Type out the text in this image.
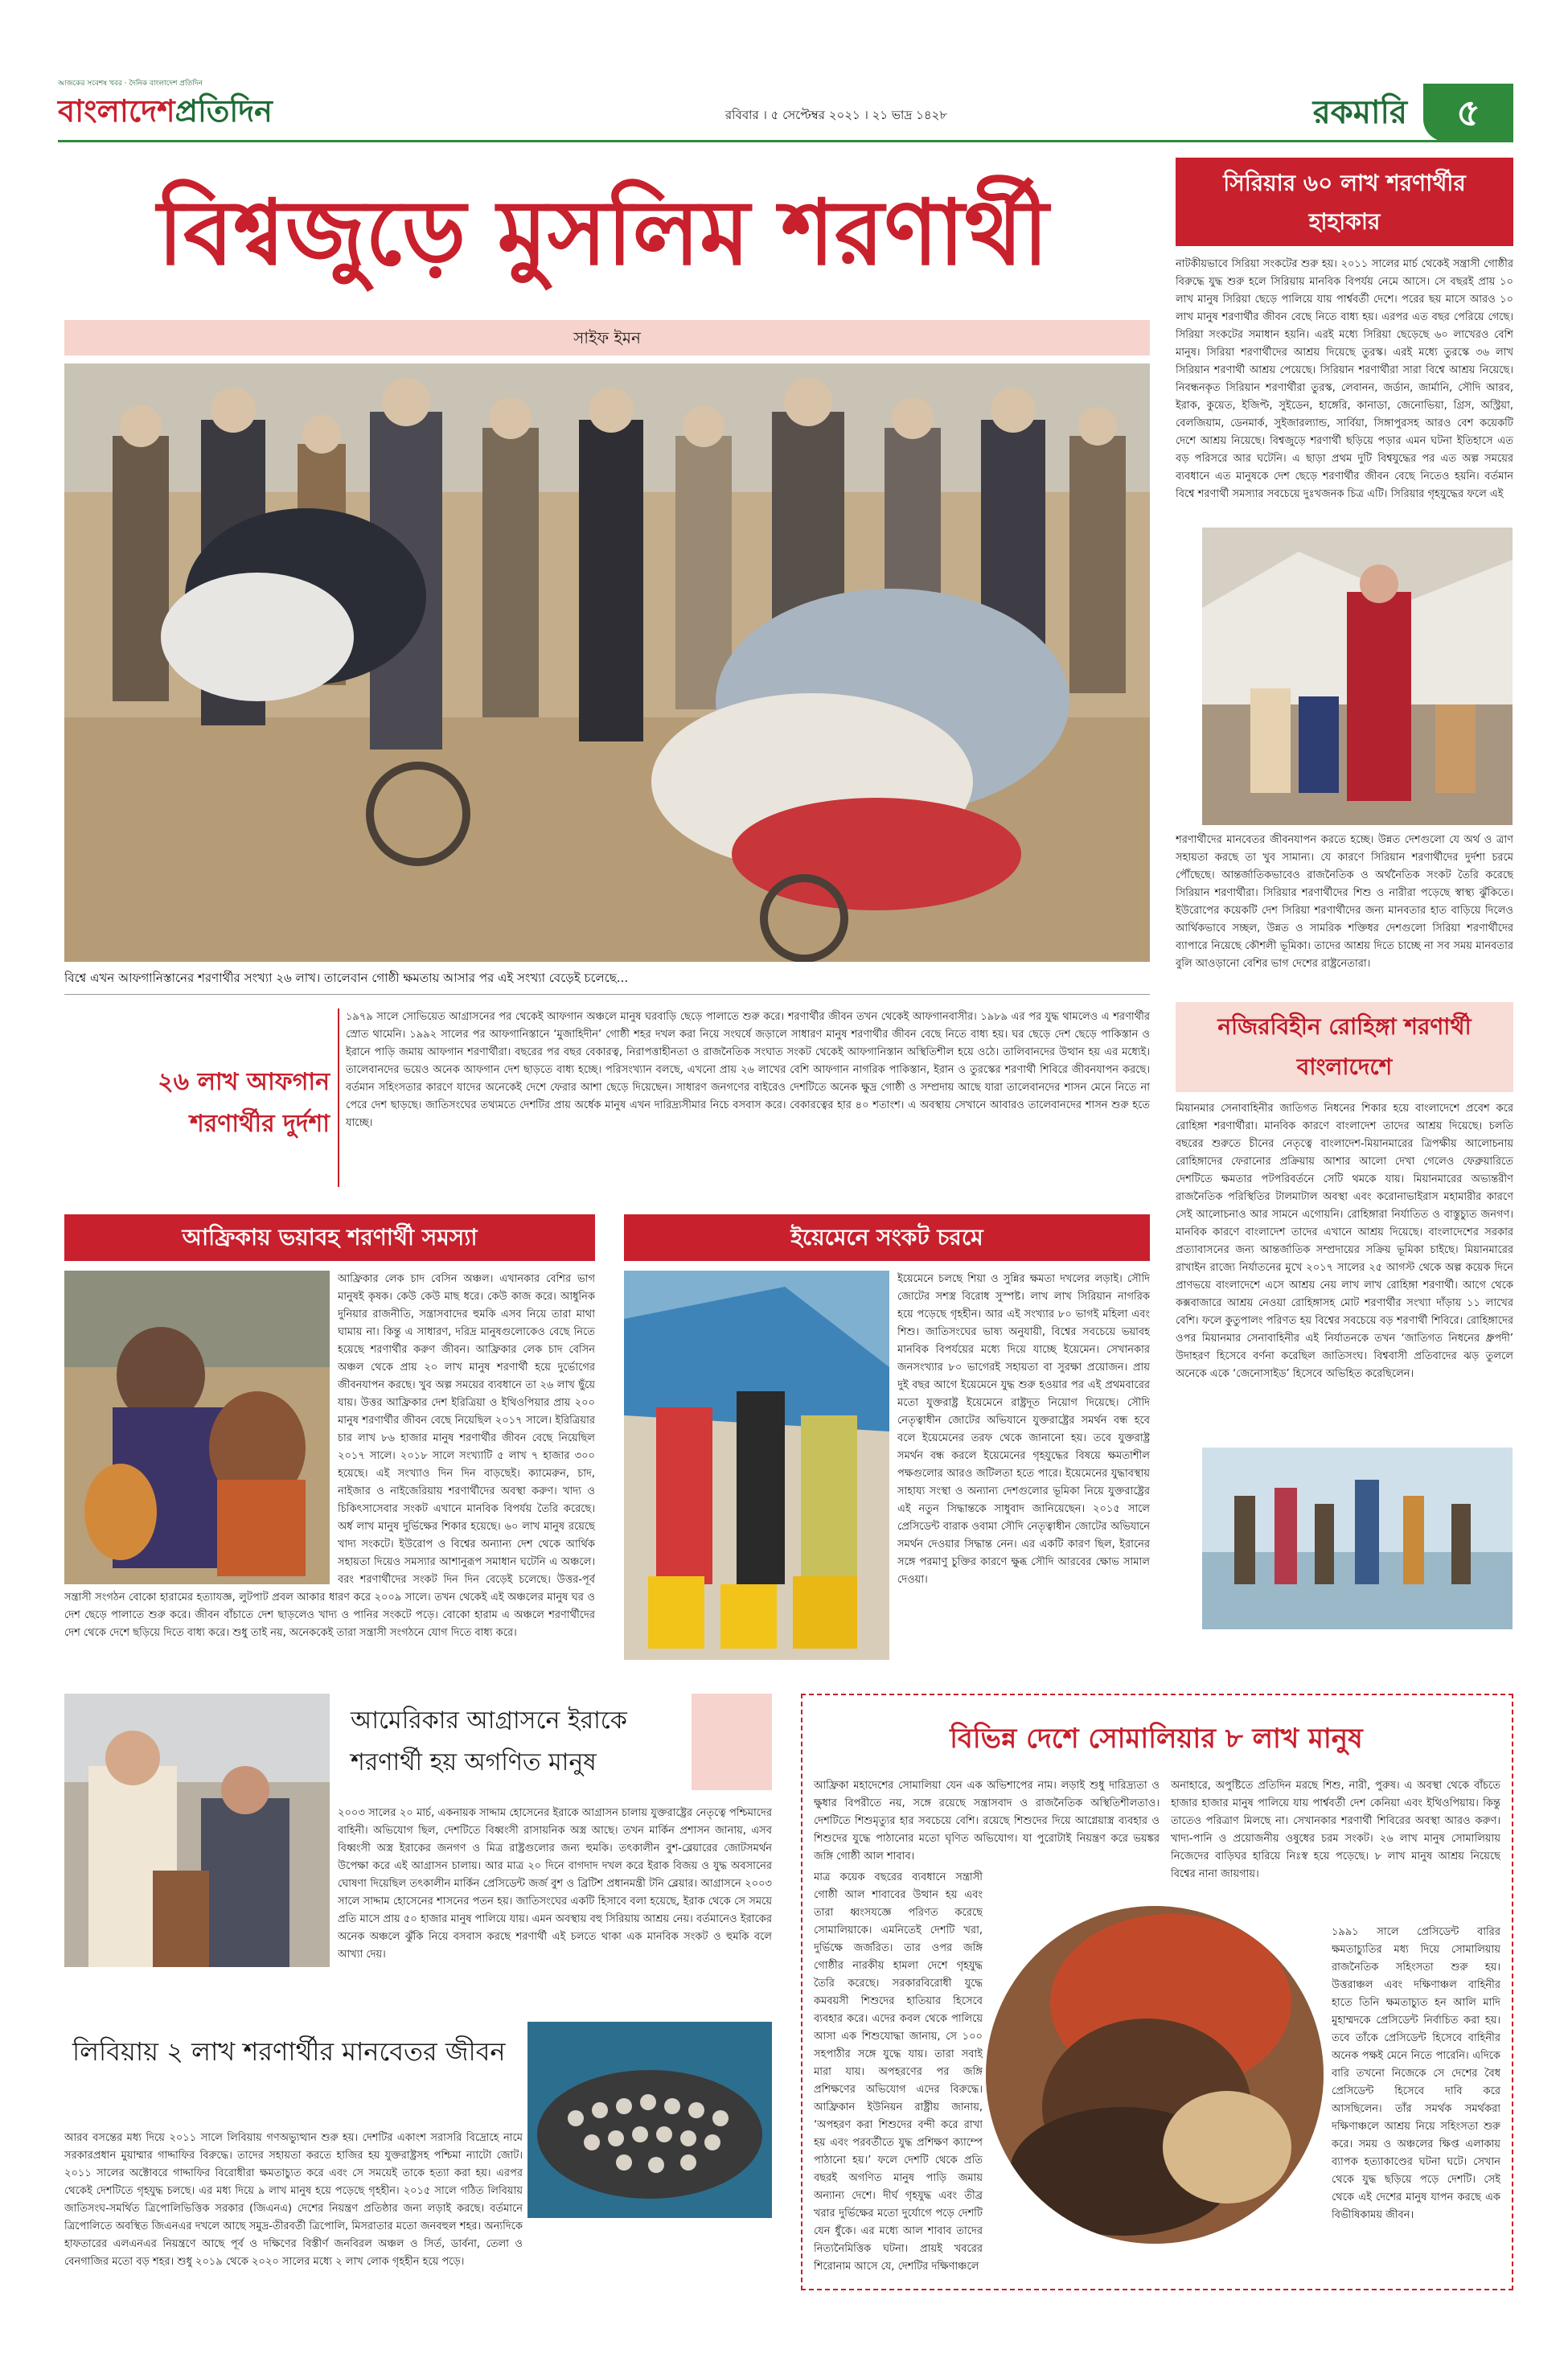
আজকের সবেশষ খবর · দৈনিক বাংলাদেশ প্রতিদিন
বাংলাদেশপ্রতিদিন	রবিবার । ৫ সেপ্টেম্বর ২০২১ । ২১ ভাদ্র ১৪২৮	রকমারি	৫
বিশ্বজুড়ে মুসলিম শরণার্থী
সাইফ ইমন
বিশ্বে এখন আফগানিস্তানের শরণার্থীর সংখ্যা ২৬ লাখ। তালেবান গোষ্ঠী ক্ষমতায় আসার পর এই সংখ্যা বেড়েই চলেছে...
২৬ লাখ আফগান শরণার্থীর দুর্দশা
১৯৭৯ সালে সোভিয়েত আগ্রাসনের পর থেকেই আফগান অঞ্চলে মানুষ ঘরবাড়ি ছেড়ে পালাতে শুরু করে। শরণার্থীর জীবন তখন থেকেই আফগানবাসীর। ১৯৮৯ এর পর যুদ্ধ থামলেও এ শরণার্থীর স্রোত থামেনি। ১৯৯২ সালের পর আফগানিস্তানে ‘মুজাহিদীন’ গোষ্ঠী শহর দখল করা নিয়ে সংঘর্ষে জড়ালে সাধারণ মানুষ শরণার্থীর জীবন বেছে নিতে বাধ্য হয়। ঘর ছেড়ে দেশ ছেড়ে পাকিস্তান ও ইরানে পাড়ি জমায় আফগান শরণার্থীরা। বছরের পর বছর বেকারত্ব, নিরাপত্তাহীনতা ও রাজনৈতিক সংঘাত সংকট থেকেই আফগানিস্তান অস্থিতিশীল হয়ে ওঠে। তালিবানদের উত্থান হয় এর মধ্যেই। তালেবানদের ভয়েও অনেক আফগান দেশ ছাড়তে বাধ্য হচ্ছে। পরিসংখ্যান বলছে, এখনো প্রায় ২৬ লাখের বেশি আফগান নাগরিক পাকিস্তান, ইরান ও তুরস্কের শরণার্থী শিবিরে জীবনযাপন করছে। বর্তমান সহিংসতার কারণে যাদের অনেকেই দেশে ফেরার আশা ছেড়ে দিয়েছেন। সাধারণ জনগণের বাইরেও দেশটিতে অনেক ক্ষুদ্র গোষ্ঠী ও সম্প্রদায় আছে যারা তালেবানদের শাসন মেনে নিতে না পেরে দেশ ছাড়ছে। জাতিসংঘের তথ্যমতে দেশটির প্রায় অর্ধেক মানুষ এখন দারিদ্র্যসীমার নিচে বসবাস করে। বেকারত্বের হার ৪০ শতাংশ। এ অবস্থায় সেখানে আবারও তালেবানদের শাসন শুরু হতে যাচ্ছে।
আফ্রিকায় ভয়াবহ শরণার্থী সমস্যা
আফ্রিকার লেক চাদ বেসিন অঞ্চল। এখানকার বেশির ভাগ মানুষই কৃষক। কেউ কেউ মাছ ধরে। কেউ কাজ করে। আধুনিক দুনিয়ার রাজনীতি, সন্ত্রাসবাদের হুমকি এসব নিয়ে তারা মাথা ঘামায় না। কিন্তু এ সাধারণ, দরিদ্র মানুষগুলোকেও বেছে নিতে হয়েছে শরণার্থীর করুণ জীবন। আফ্রিকার লেক চাদ বেসিন অঞ্চল থেকে প্রায় ২০ লাখ মানুষ শরণার্থী হয়ে দুর্ভোগের জীবনযাপন করছে। খুব অল্প সময়ের ব্যবধানে তা ২৬ লাখ ছুঁয়ে যায়। উত্তর আফ্রিকার দেশ ইরিত্রিয়া ও ইথিওপিয়ার প্রায় ২০০ মানুষ শরণার্থীর জীবন বেছে নিয়েছিল ২০১৭ সালে। ইরিত্রিয়ার চার লাখ ৮৬ হাজার মানুষ শরণার্থীর জীবন বেছে নিয়েছিল ২০১৭ সালে। ২০১৮ সালে সংখ্যাটি ৫ লাখ ৭ হাজার ৩০০ হয়েছে। এই সংখ্যাও দিন দিন বাড়ছেই। ক্যামেরুন, চাদ, নাইজার ও নাইজেরিয়ায় শরণার্থীদের অবস্থা করুণ। খাদ্য ও চিকিৎসাসেবার সংকট এখানে মানবিক বিপর্যয় তৈরি করেছে। অর্ধ লাখ মানুষ দুর্ভিক্ষের শিকার হয়েছে। ৬০ লাখ মানুষ রয়েছে খাদ্য সংকটে। ইউরোপ ও বিশ্বের অন্যান্য দেশ থেকে আর্থিক সহায়তা দিয়েও সমস্যার আশানুরূপ সমাধান ঘটেনি এ অঞ্চলে। বরং শরণার্থীদের সংকট দিন দিন বেড়েই চলেছে। উত্তর-পূর্ব
সন্ত্রাসী সংগঠন বোকো হারামের হত্যাযজ্ঞ, লুটপাট প্রবল আকার ধারণ করে ২০০৯ সালে। তখন থেকেই এই অঞ্চলের মানুষ ঘর ও দেশ ছেড়ে পালাতে শুরু করে। জীবন বাঁচাতে দেশ ছাড়লেও খাদ্য ও পানির সংকটে পড়ে। বোকো হারাম এ অঞ্চলে শরণার্থীদের দেশ থেকে দেশে ছড়িয়ে দিতে বাধ্য করে। শুধু তাই নয়, অনেককেই তারা সন্ত্রাসী সংগঠনে যোগ দিতে বাধ্য করে।
ইয়েমেনে সংকট চরমে
ইয়েমেনে চলছে শিয়া ও সুন্নির ক্ষমতা দখলের লড়াই। সৌদি জোটের সশস্ত্র বিরোধ সুস্পষ্ট। লাখ লাখ সিরিয়ান নাগরিক হয়ে পড়েছে গৃহহীন। আর এই সংখ্যার ৮০ ভাগই মহিলা এবং শিশু। জাতিসংঘের ভাষ্য অনুযায়ী, বিশ্বের সবচেয়ে ভয়াবহ মানবিক বিপর্যয়ের মধ্যে দিয়ে যাচ্ছে ইয়েমেন। সেখানকার জনসংখ্যার ৮০ ভাগেরই সহায়তা বা সুরক্ষা প্রয়োজন। প্রায় দুই বছর আগে ইয়েমেনে যুদ্ধ শুরু হওয়ার পর এই প্রথমবারের মতো যুক্তরাষ্ট্র ইয়েমেনে রাষ্ট্রদূত নিয়োগ দিয়েছে। সৌদি নেতৃত্বাধীন জোটের অভিযানে যুক্তরাষ্ট্রের সমর্থন বন্ধ হবে বলে ইয়েমেনের তরফ থেকে জানানো হয়। তবে যুক্তরাষ্ট্র সমর্থন বন্ধ করলে ইয়েমেনের গৃহযুদ্ধের বিষয়ে ক্ষমতাশীল পক্ষগুলোর আরও জটিলতা হতে পারে। ইয়েমেনের যুদ্ধাবস্থায় সাহায্য সংস্থা ও অন্যান্য দেশগুলোর ভূমিকা নিয়ে যুক্তরাষ্ট্রের এই নতুন সিদ্ধান্তকে সাধুবাদ জানিয়েছেন। ২০১৫ সালে প্রেসিডেন্ট বারাক ওবামা সৌদি নেতৃত্বাধীন জোটের অভিযানে সমর্থন দেওয়ার সিদ্ধান্ত নেন। এর একটি কারণ ছিল, ইরানের সঙ্গে পরমাণু চুক্তির কারণে ক্ষুব্ধ সৌদি আরবের ক্ষোভ সামাল দেওয়া।
সিরিয়ার ৬০ লাখ শরণার্থীর হাহাকার
নাটকীয়ভাবে সিরিয়া সংকটের শুরু হয়। ২০১১ সালের মার্চ থেকেই সন্ত্রাসী গোষ্ঠীর বিরুদ্ধে যুদ্ধ শুরু হলে সিরিয়ায় মানবিক বিপর্যয় নেমে আসে। সে বছরই প্রায় ১০ লাখ মানুষ সিরিয়া ছেড়ে পালিয়ে যায় পার্শ্ববর্তী দেশে। পরের ছয় মাসে আরও ১০ লাখ মানুষ শরণার্থীর জীবন বেছে নিতে বাধ্য হয়। এরপর এত বছর পেরিয়ে গেছে। সিরিয়া সংকটের সমাধান হয়নি। এরই মধ্যে সিরিয়া ছেড়েছে ৬০ লাখেরও বেশি মানুষ। সিরিয়া শরণার্থীদের আশ্রয় দিয়েছে তুরস্ক। এরই মধ্যে তুরস্কে ৩৬ লাখ সিরিয়ান শরণার্থী আশ্রয় পেয়েছে। সিরিয়ান শরণার্থীরা সারা বিশ্বে আশ্রয় নিয়েছে। নিবন্ধনকৃত সিরিয়ান শরণার্থীরা তুরস্ক, লেবানন, জর্ডান, জার্মানি, সৌদি আরব, ইরাক, কুয়েত, ইজিপ্ট, সুইডেন, হাঙ্গেরি, কানাডা, জেনোভিয়া, গ্রিস, অস্ট্রিয়া, বেলজিয়াম, ডেনমার্ক, সুইজারল্যান্ড, সার্বিয়া, সিঙ্গাপুরসহ আরও বেশ কয়েকটি দেশে আশ্রয় নিয়েছে। বিশ্বজুড়ে শরণার্থী ছড়িয়ে পড়ার এমন ঘটনা ইতিহাসে এত বড় পরিসরে আর ঘটেনি। এ ছাড়া প্রথম দুটি বিশ্বযুদ্ধের পর এত অল্প সময়ের ব্যবধানে এত মানুষকে দেশ ছেড়ে শরণার্থীর জীবন বেছে নিতেও হয়নি। বর্তমান বিশ্বে শরণার্থী সমস্যার সবচেয়ে দুঃখজনক চিত্র এটি। সিরিয়ার গৃহযুদ্ধের ফলে এই
শরণার্থীদের মানবেতর জীবনযাপন করতে হচ্ছে। উন্নত দেশগুলো যে অর্থ ও ত্রাণ সহায়তা করছে তা খুব সামান্য। যে কারণে সিরিয়ান শরণার্থীদের দুর্দশা চরমে পৌঁছেছে। আন্তর্জাতিকভাবেও রাজনৈতিক ও অর্থনৈতিক সংকট তৈরি করেছে সিরিয়ান শরণার্থীরা। সিরিয়ার শরণার্থীদের শিশু ও নারীরা পড়েছে স্বাস্থ্য ঝুঁকিতে। ইউরোপের কয়েকটি দেশ সিরিয়া শরণার্থীদের জন্য মানবতার হাত বাড়িয়ে দিলেও আর্থিকভাবে সচ্ছল, উন্নত ও সামরিক শক্তিধর দেশগুলো সিরিয়া শরণার্থীদের ব্যাপারে নিয়েছে কৌশলী ভূমিকা। তাদের আশ্রয় দিতে চাচ্ছে না সব সময় মানবতার বুলি আওড়ানো বেশির ভাগ দেশের রাষ্ট্রনেতারা।
নজিরবিহীন রোহিঙ্গা শরণার্থী বাংলাদেশে
মিয়ানমার সেনাবাহিনীর জাতিগত নিধনের শিকার হয়ে বাংলাদেশে প্রবেশ করে রোহিঙ্গা শরণার্থীরা। মানবিক কারণে বাংলাদেশ তাদের আশ্রয় দিয়েছে। চলতি বছরের শুরুতে চীনের নেতৃত্বে বাংলাদেশ-মিয়ানমারের ত্রিপক্ষীয় আলোচনায় রোহিঙ্গাদের ফেরানোর প্রক্রিয়ায় আশার আলো দেখা গেলেও ফেব্রুয়ারিতে দেশটিতে ক্ষমতার পটপরিবর্তনে সেটি থমকে যায়। মিয়ানমারের অভ্যন্তরীণ রাজনৈতিক পরিস্থিতির টালমাটাল অবস্থা এবং করোনাভাইরাস মহামারীর কারণে সেই আলোচনাও আর সামনে এগোয়নি। রোহিঙ্গারা নির্যাতিত ও বাস্তুচ্যুত জনগণ। মানবিক কারণে বাংলাদেশ তাদের এখানে আশ্রয় দিয়েছে। বাংলাদেশের সরকার প্রত্যাবাসনের জন্য আন্তর্জাতিক সম্প্রদায়ের সক্রিয় ভূমিকা চাইছে। মিয়ানমারের রাখাইন রাজ্যে নির্যাতনের মুখে ২০১৭ সালের ২৫ আগস্ট থেকে অল্প কয়েক দিনে প্রাণভয়ে বাংলাদেশে এসে আশ্রয় নেয় লাখ লাখ রোহিঙ্গা শরণার্থী। আগে থেকে কক্সবাজারে আশ্রয় নেওয়া রোহিঙ্গাসহ মোট শরণার্থীর সংখ্যা দাঁড়ায় ১১ লাখের বেশি। ফলে কুতুপালং পরিণত হয় বিশ্বের সবচেয়ে বড় শরণার্থী শিবিরে। রোহিঙ্গাদের ওপর মিয়ানমার সেনাবাহিনীর এই নির্যাতনকে তখন ‘জাতিগত নিধনের ধ্রুপদী’ উদাহরণ হিসেবে বর্ণনা করেছিল জাতিসংঘ। বিশ্ববাসী প্রতিবাদের ঝড় তুললে অনেকে একে ‘জেনোসাইড’ হিসেবে অভিহিত করেছিলেন।
আমেরিকার আগ্রাসনে ইরাকে শরণার্থী হয় অগণিত মানুষ
২০০৩ সালের ২০ মার্চ, একনায়ক সাদ্দাম হোসেনের ইরাকে আগ্রাসন চালায় যুক্তরাষ্ট্রের নেতৃত্বে পশ্চিমাদের বাহিনী। অভিযোগ ছিল, দেশটিতে বিধ্বংসী রাসায়নিক অস্ত্র আছে। তখন মার্কিন প্রশাসন জানায়, এসব বিধ্বংসী অস্ত্র ইরাকের জনগণ ও মিত্র রাষ্ট্রগুলোর জন্য হুমকি। তৎকালীন বুশ-ব্লেয়ারের জোটসমর্থন উপেক্ষা করে এই আগ্রাসন চালায়। আর মাত্র ২০ দিনে বাগদাদ দখল করে ইরাক বিজয় ও যুদ্ধ অবসানের ঘোষণা দিয়েছিল তৎকালীন মার্কিন প্রেসিডেন্ট জর্জ বুশ ও ব্রিটিশ প্রধানমন্ত্রী টনি ব্লেয়ার। আগ্রাসনে ২০০৩ সালে সাদ্দাম হোসেনের শাসনের পতন হয়। জাতিসংঘের একটি হিসাবে বলা হয়েছে, ইরাক থেকে সে সময়ে প্রতি মাসে প্রায় ৫০ হাজার মানুষ পালিয়ে যায়। এমন অবস্থায় বহু সিরিয়ায় আশ্রয় নেয়। বর্তমানেও ইরাকের অনেক অঞ্চলে ঝুঁকি নিয়ে বসবাস করছে শরণার্থী এই চলতে থাকা এক মানবিক সংকট ও হুমকি বলে আখ্যা দেয়।
লিবিয়ায় ২ লাখ শরণার্থীর মানবেতর জীবন
আরব বসন্তের মধ্য দিয়ে ২০১১ সালে লিবিয়ায় গণঅভ্যুত্থান শুরু হয়। দেশটির একাংশ সরাসরি বিদ্রোহে নামে সরকারপ্রধান মুয়াম্মার গাদ্দাফির বিরুদ্ধে। তাদের সহায়তা করতে হাজির হয় যুক্তরাষ্ট্রসহ পশ্চিমা ন্যাটো জোট। ২০১১ সালের অক্টোবরে গাদ্দাফির বিরোধীরা ক্ষমতাচ্যুত করে এবং সে সময়েই তাকে হত্যা করা হয়। এরপর থেকেই দেশটিতে গৃহযুদ্ধ চলছে। এর মধ্য দিয়ে ৯ লাখ মানুষ হয়ে পড়েছে গৃহহীন। ২০১৫ সালে গঠিত লিবিয়ায় জাতিসংঘ-সমর্থিত ত্রিপোলিভিত্তিক সরকার (জিএনএ) দেশের নিয়ন্ত্রণ প্রতিষ্ঠার জন্য লড়াই করছে। বর্তমানে ত্রিপোলিতে অবস্থিত জিএনএর দখলে আছে সমুদ্র-তীরবর্তী ত্রিপোলি, মিসরাতার মতো জনবহুল শহর। অন্যদিকে হাফতারের এলএনএর নিয়ন্ত্রণে আছে পূর্ব ও দক্ষিণের বিস্তীর্ণ জনবিরল অঞ্চল ও সির্ত, ডার্বনা, তেলা ও বেনগাজির মতো বড় শহর। শুধু ২০১৯ থেকে ২০২০ সালের মধ্যে ২ লাখ লোক গৃহহীন হয়ে পড়ে।
বিভিন্ন দেশে সোমালিয়ার ৮ লাখ মানুষ
আফ্রিকা মহাদেশের সোমালিয়া যেন এক অভিশাপের নাম। লড়াই শুধু দারিদ্র্যতা ও ক্ষুধার বিপরীতে নয়, সঙ্গে রয়েছে সন্ত্রাসবাদ ও রাজনৈতিক অস্থিতিশীলতাও। দেশটিতে শিশুমৃত্যুর হার সবচেয়ে বেশি। রয়েছে শিশুদের দিয়ে আগ্নেয়াস্ত্র ব্যবহার ও শিশুদের যুদ্ধে পাঠানোর মতো ঘৃণিত অভিযোগ। যা পুরোটাই নিয়ন্ত্রণ করে ভয়ঙ্কর জঙ্গি গোষ্ঠী আল শাবাব।
মাত্র কয়েক বছরের ব্যবধানে সন্ত্রাসী গোষ্ঠী আল শাবাবের উত্থান হয় এবং তারা ধ্বংসযজ্ঞে পরিণত করেছে সোমালিয়াকে। এমনিতেই দেশটি খরা, দুর্ভিক্ষে জর্জরিত। তার ওপর জঙ্গি গোষ্ঠীর নারকীয় হামলা দেশে গৃহযুদ্ধ তৈরি করেছে। সরকারবিরোধী যুদ্ধে কমবয়সী শিশুদের হাতিয়ার হিসেবে ব্যবহার করে। এদের কবল থেকে পালিয়ে আসা এক শিশুযোদ্ধা জানায়, সে ১০০ সহপাঠীর সঙ্গে যুদ্ধে যায়। তারা সবাই মারা যায়। অপহরণের পর জঙ্গি প্রশিক্ষণের অভিযোগ এদের বিরুদ্ধে। আফ্রিকান ইউনিয়ন রাষ্ট্রীয় জানায়, ‘অপহরণ করা শিশুদের বন্দী করে রাখা হয় এবং পরবর্তীতে যুদ্ধ প্রশিক্ষণ ক্যাম্পে পাঠানো হয়।’ ফলে দেশটি থেকে প্রতি বছরই অগণিত মানুষ পাড়ি জমায় অন্যান্য দেশে। দীর্ঘ গৃহযুদ্ধ এবং তীব্র খরার দুর্ভিক্ষের মতো দুর্যোগে পড়ে দেশটি যেন ধুঁকে। এর মধ্যে আল শাবাব তাদের নিত্যনৈমিত্তিক ঘটনা। প্রায়ই খবরের শিরোনাম আসে যে, দেশটির দক্ষিণাঞ্চলে
অনাহারে, অপুষ্টিতে প্রতিদিন মরছে শিশু, নারী, পুরুষ। এ অবস্থা থেকে বাঁচতে হাজার হাজার মানুষ পালিয়ে যায় পার্শ্ববর্তী দেশ কেনিয়া এবং ইথিওপিয়ায়। কিন্তু তাতেও পরিত্রাণ মিলছে না। সেখানকার শরণার্থী শিবিরের অবস্থা আরও করুণ। খাদ্য-পানি ও প্রয়োজনীয় ওষুধের চরম সংকট। ২৬ লাখ মানুষ সোমালিয়ায় নিজেদের বাড়িঘর হারিয়ে নিঃস্ব হয়ে পড়েছে। ৮ লাখ মানুষ আশ্রয় নিয়েছে বিশ্বের নানা জায়গায়।
১৯৯১ সালে প্রেসিডেন্ট বারির ক্ষমতাচ্যুতির মধ্য দিয়ে সোমালিয়ায় রাজনৈতিক সহিংসতা শুরু হয়। উত্তরাঞ্চল এবং দক্ষিণাঞ্চল বাহিনীর হাতে তিনি ক্ষমতাচ্যুত হন আলি মাদি মুহাম্মদকে প্রেসিডেন্ট নির্বাচিত করা হয়। তবে তাঁকে প্রেসিডেন্ট হিসেবে বাহিনীর অনেক পক্ষই মেনে নিতে পারেনি। এদিকে বারি তখনো নিজেকে সে দেশের বৈধ প্রেসিডেন্ট হিসেবে দাবি করে আসছিলেন। তাঁর সমর্থক সমর্থকরা দক্ষিণাঞ্চলে আশ্রয় নিয়ে সহিংসতা শুরু করে। সময় ও অঞ্চলের ক্ষিপ্ত এলাকায় ব্যাপক হত্যাকাণ্ডের ঘটনা ঘটে। সেখান থেকে যুদ্ধ ছড়িয়ে পড়ে দেশটি। সেই থেকে এই দেশের মানুষ যাপন করছে এক বিভীষিকাময় জীবন।
